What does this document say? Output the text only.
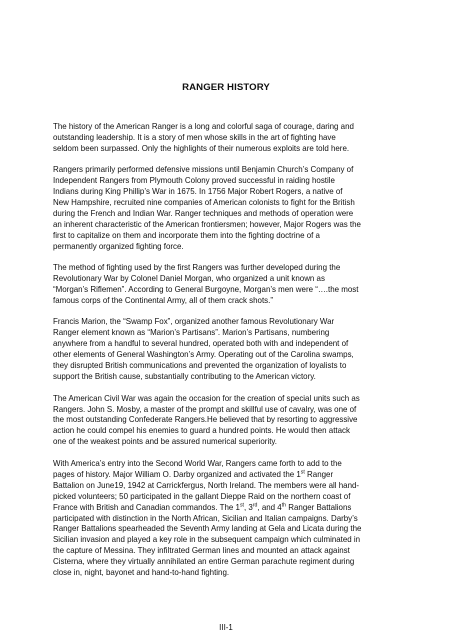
RANGER HISTORY
The history of the American Ranger is a long and colorful saga of courage, daring and
outstanding leadership. It is a story of men whose skills in the art of fighting have
seldom been surpassed. Only the highlights of their numerous exploits are told here.
Rangers primarily performed defensive missions until Benjamin Church’s Company of
Independent Rangers from Plymouth Colony proved successful in raiding hostile
Indians during King Phillip’s War in 1675. In 1756 Major Robert Rogers, a native of
New Hampshire, recruited nine companies of American colonists to fight for the British
during the French and Indian War. Ranger techniques and methods of operation were
an inherent characteristic of the American frontiersmen; however, Major Rogers was the
first to capitalize on them and incorporate them into the fighting doctrine of a
permanently organized fighting force.
The method of fighting used by the first Rangers was further developed during the
Revolutionary War by Colonel Daniel Morgan, who organized a unit known as
“Morgan’s Riflemen”. According to General Burgoyne, Morgan’s men were “….the most
famous corps of the Continental Army, all of them crack shots.”
Francis Marion, the “Swamp Fox”, organized another famous Revolutionary War
Ranger element known as “Marion’s Partisans”. Marion’s Partisans, numbering
anywhere from a handful to several hundred, operated both with and independent of
other elements of General Washington’s Army. Operating out of the Carolina swamps,
they disrupted British communications and prevented the organization of loyalists to
support the British cause, substantially contributing to the American victory.
The American Civil War was again the occasion for the creation of special units such as
Rangers. John S. Mosby, a master of the prompt and skillful use of cavalry, was one of
the most outstanding Confederate Rangers.He believed that by resorting to aggressive
action he could compel his enemies to guard a hundred points. He would then attack
one of the weakest points and be assured numerical superiority.
With America’s entry into the Second World War, Rangers came forth to add to the
pages of history. Major William O. Darby organized and activated the 1st Ranger
Battalion on June19, 1942 at Carrickfergus, North Ireland. The members were all hand-
picked volunteers; 50 participated in the gallant Dieppe Raid on the northern coast of
France with British and Canadian commandos. The 1st, 3rd, and 4th Ranger Battalions
participated with distinction in the North African, Sicilian and Italian campaigns. Darby’s
Ranger Battalions spearheaded the Seventh Army landing at Gela and Licata during the
Sicilian invasion and played a key role in the subsequent campaign which culminated in
the capture of Messina. They infiltrated German lines and mounted an attack against
Cisterna, where they virtually annihilated an entire German parachute regiment during
close in, night, bayonet and hand-to-hand fighting.
III-1
